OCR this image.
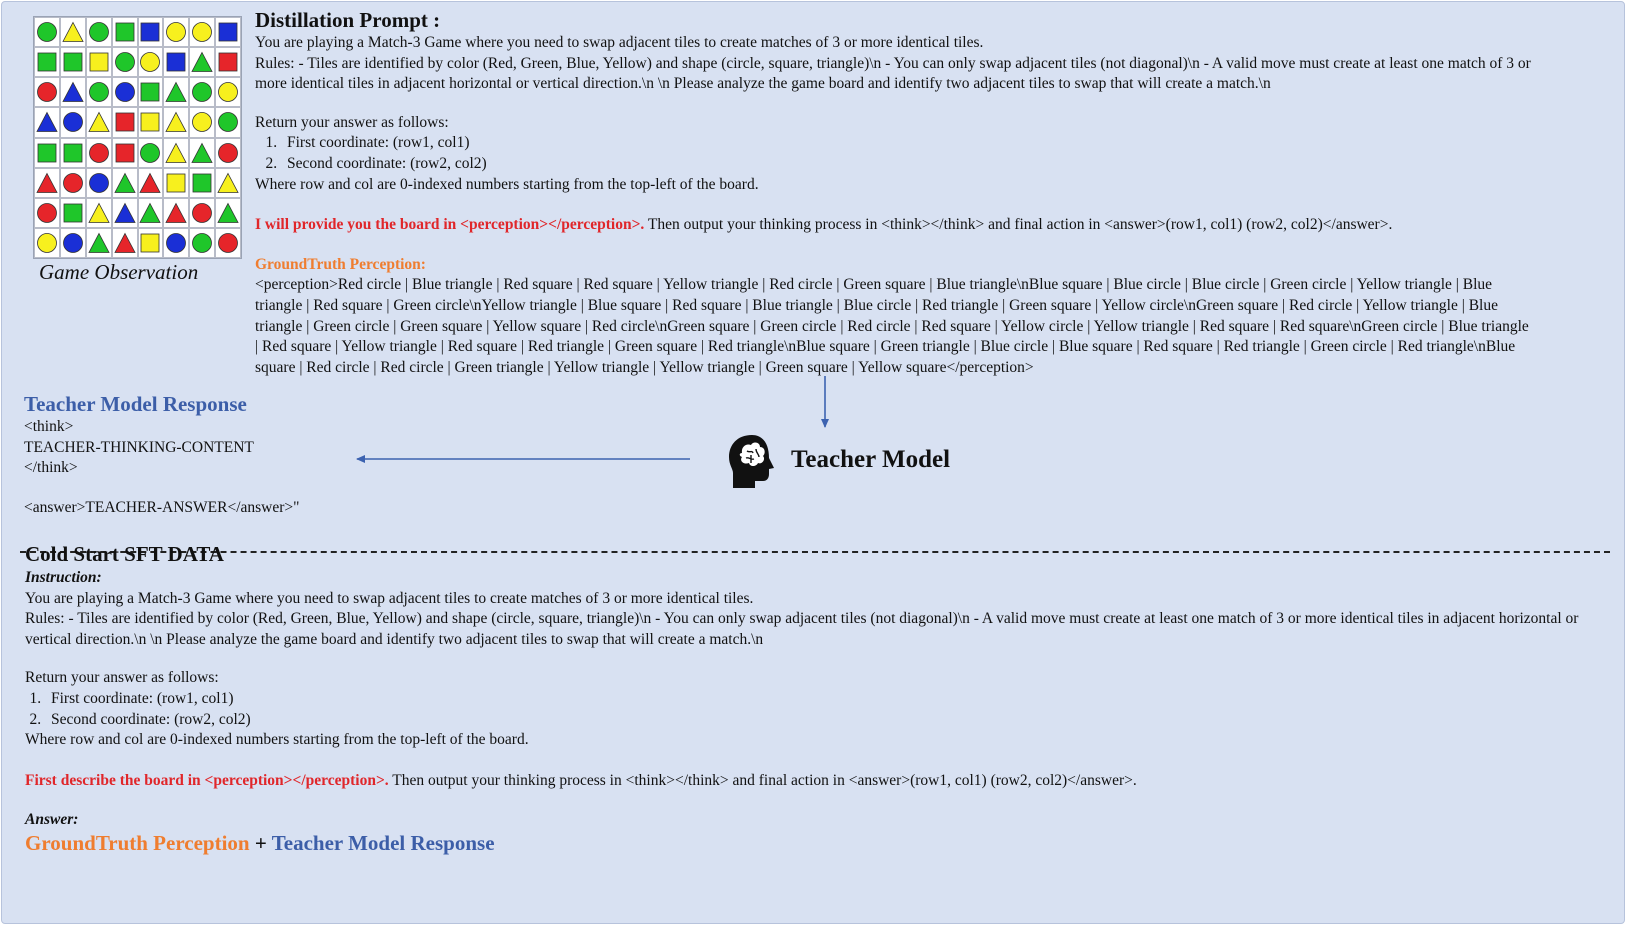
Game Observation
Distillation Prompt :
You are playing a Match-3 Game where you need to swap adjacent tiles to create matches of 3 or more identical tiles.
Rules: - Tiles are identified by color (Red, Green, Blue, Yellow) and shape (circle, square, triangle)\n - You can only swap adjacent tiles (not diagonal)\n - A valid move must create at least one match of 3 or more identical tiles in adjacent horizontal or vertical direction.\n \n Please analyze the game board and identify two adjacent tiles to swap that will create a match.\n
Return your answer as follows:
1. First coordinate: (row1, col1)
2. Second coordinate: (row2, col2)
Where row and col are 0-indexed numbers starting from the top-left of the board.
I will provide you the board in <perception></perception>. Then output your thinking process in <think></think> and final action in <answer>(row1, col1) (row2, col2)</answer>.
GroundTruth Perception:
<perception>Red circle | Blue triangle | Red square | Red square | Yellow triangle | Red circle | Green square | Blue triangle\nBlue square | Blue circle | Blue circle | Green circle | Yellow triangle | Blue triangle | Red square | Green circle\nYellow triangle | Blue square | Red square | Blue triangle | Blue circle | Red triangle | Green square | Yellow circle\nGreen square | Red circle | Yellow triangle | Blue triangle | Green circle | Green square | Yellow square | Red circle\nGreen square | Green circle | Red circle | Red square | Yellow circle | Yellow triangle | Red square | Red square\nGreen circle | Blue triangle | Red square | Yellow triangle | Red square | Red triangle | Green square | Red triangle\nBlue square | Green triangle | Blue circle | Blue square | Red square | Red triangle | Green circle | Red triangle\nBlue square | Red circle | Red circle | Green triangle | Yellow triangle | Yellow triangle | Green square | Yellow square</perception>
Teacher Model Response
<think>
TEACHER-THINKING-CONTENT
</think>
<answer>TEACHER-ANSWER</answer>"
Teacher Model
Cold Start SFT DATA
Instruction:
You are playing a Match-3 Game where you need to swap adjacent tiles to create matches of 3 or more identical tiles.
Rules: - Tiles are identified by color (Red, Green, Blue, Yellow) and shape (circle, square, triangle)\n - You can only swap adjacent tiles (not diagonal)\n - A valid move must create at least one match of 3 or more identical tiles in adjacent horizontal or vertical direction.\n \n Please analyze the game board and identify two adjacent tiles to swap that will create a match.\n
Return your answer as follows:
1. First coordinate: (row1, col1)
2. Second coordinate: (row2, col2)
Where row and col are 0-indexed numbers starting from the top-left of the board.
First describe the board in <perception></perception>. Then output your thinking process in <think></think> and final action in <answer>(row1, col1) (row2, col2)</answer>.
Answer:
GroundTruth Perception + Teacher Model Response
